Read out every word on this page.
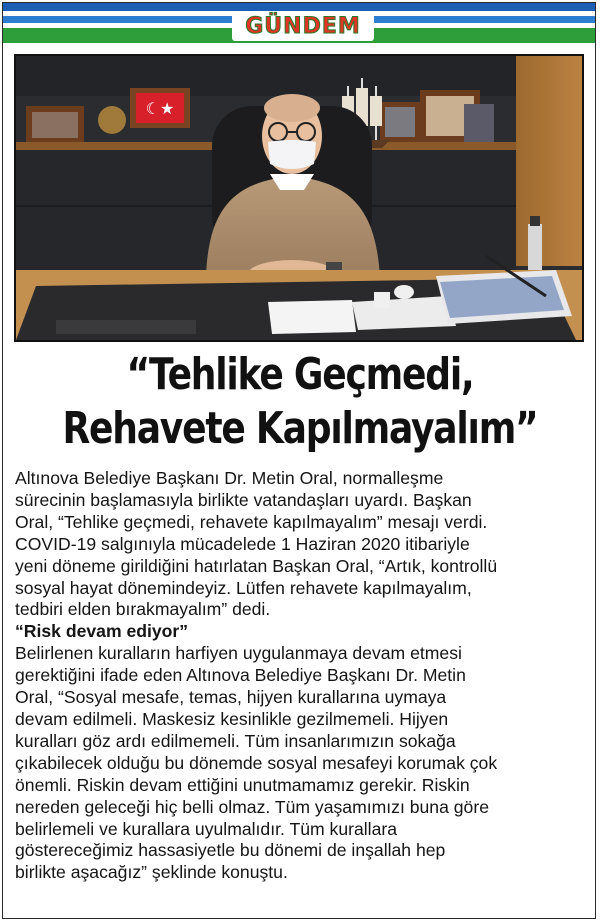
GÜNDEM
☾★
“Tehlike Geçmedi,
Rehavete Kapılmayalım”
Altınova Belediye Başkanı Dr. Metin Oral, normalleşme
sürecinin başlamasıyla birlikte vatandaşları uyardı. Başkan
Oral, “Tehlike geçmedi, rehavete kapılmayalım” mesajı verdi.
COVID-19 salgınıyla mücadelede 1 Haziran 2020 itibariyle
yeni döneme girildiğini hatırlatan Başkan Oral, “Artık, kontrollü
sosyal hayat dönemindeyiz. Lütfen rehavete kapılmayalım,
tedbiri elden bırakmayalım” dedi.
“Risk devam ediyor”
Belirlenen kuralların harfiyen uygulanmaya devam etmesi
gerektiğini ifade eden Altınova Belediye Başkanı Dr. Metin
Oral, “Sosyal mesafe, temas, hijyen kurallarına uymaya
devam edilmeli. Maskesiz kesinlikle gezilmemeli. Hijyen
kuralları göz ardı edilmemeli. Tüm insanlarımızın sokağa
çıkabilecek olduğu bu dönemde sosyal mesafeyi korumak çok
önemli. Riskin devam ettiğini unutmamamız gerekir. Riskin
nereden geleceği hiç belli olmaz. Tüm yaşamımızı buna göre
belirlemeli ve kurallara uyulmalıdır. Tüm kurallara
göstereceğimiz hassasiyetle bu dönemi de inşallah hep
birlikte aşacağız” şeklinde konuştu.
